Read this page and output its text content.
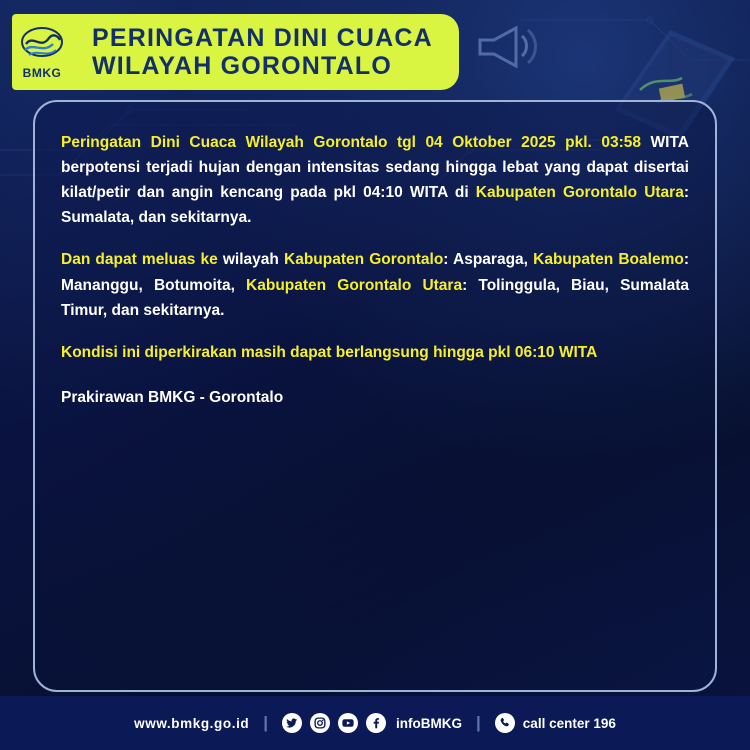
BMKG
PERINGATAN DINI CUACA
WILAYAH GORONTALO

Peringatan Dini Cuaca Wilayah Gorontalo tgl 04 Oktober 2025 pkl. 03:58 WITA berpotensi terjadi hujan dengan intensitas sedang hingga lebat yang dapat disertai kilat/petir dan angin kencang pada pkl 04:10 WITA di Kabupaten Gorontalo Utara: Sumalata, dan sekitarnya.

Dan dapat meluas ke wilayah Kabupaten Gorontalo: Asparaga, Kabupaten Boalemo: Mananggu, Botumoita, Kabupaten Gorontalo Utara: Tolinggula, Biau, Sumalata Timur, dan sekitarnya.

Kondisi ini diperkirakan masih dapat berlangsung hingga pkl 06:10 WITA

Prakirawan BMKG - Gorontalo

www.bmkg.go.id |	infoBMKG |	call center 196
